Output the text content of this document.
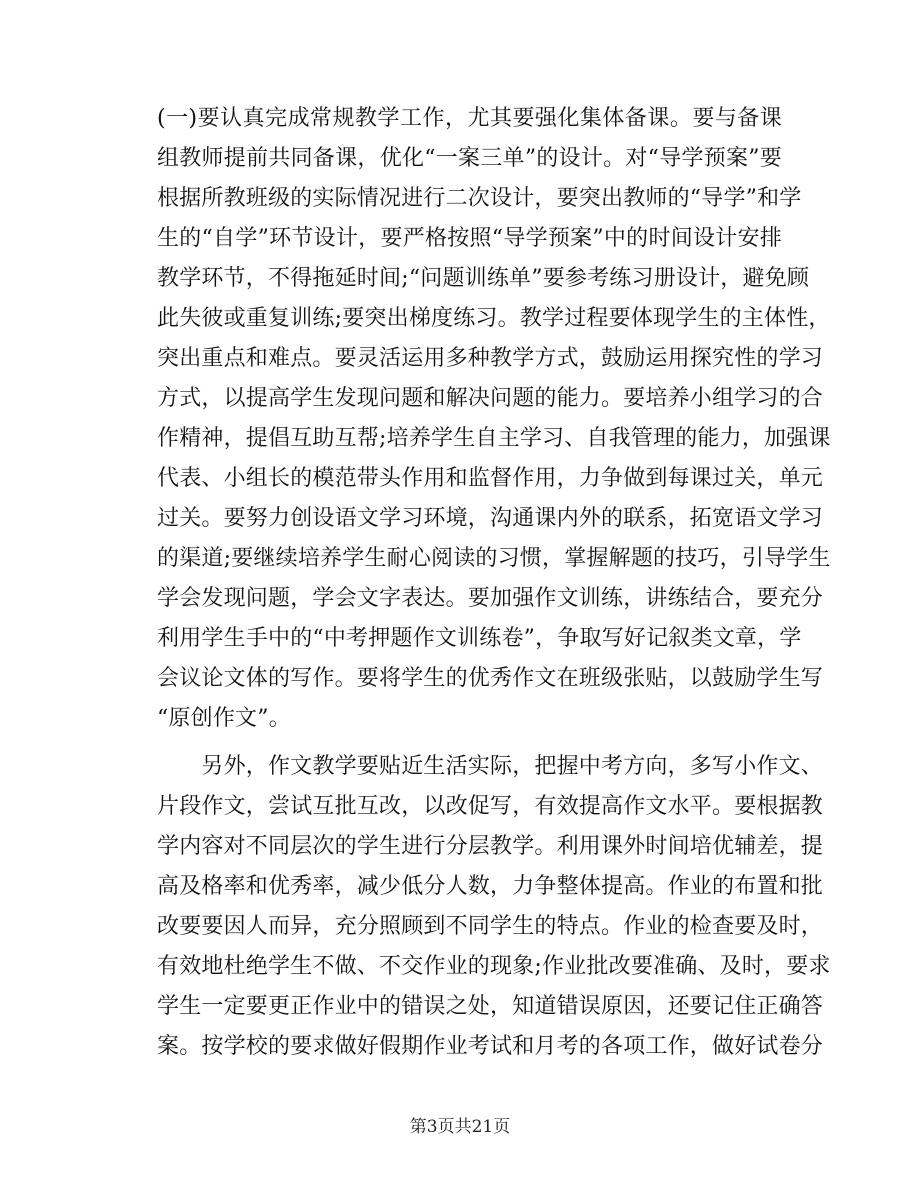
(一)要认真完成常规教学工作，尤其要强化集体备课。要与备课
组教师提前共同备课，优化“一案三单”的设计。对“导学预案”要
根据所教班级的实际情况进行二次设计，要突出教师的“导学”和学
生的“自学”环节设计，要严格按照“导学预案”中的时间设计安排
教学环节，不得拖延时间;“问题训练单”要参考练习册设计，避免顾
此失彼或重复训练;要突出梯度练习。教学过程要体现学生的主体性，
突出重点和难点。要灵活运用多种教学方式，鼓励运用探究性的学习
方式，以提高学生发现问题和解决问题的能力。要培养小组学习的合
作精神，提倡互助互帮;培养学生自主学习、自我管理的能力，加强课
代表、小组长的模范带头作用和监督作用，力争做到每课过关，单元
过关。要努力创设语文学习环境，沟通课内外的联系，拓宽语文学习
的渠道;要继续培养学生耐心阅读的习惯，掌握解题的技巧，引导学生
学会发现问题，学会文字表达。要加强作文训练，讲练结合，要充分
利用学生手中的“中考押题作文训练卷”，争取写好记叙类文章，学
会议论文体的写作。要将学生的优秀作文在班级张贴，以鼓励学生写
“原创作文”。
　　另外，作文教学要贴近生活实际，把握中考方向，多写小作文、
片段作文，尝试互批互改，以改促写，有效提高作文水平。要根据教
学内容对不同层次的学生进行分层教学。利用课外时间培优辅差，提
高及格率和优秀率，减少低分人数，力争整体提高。作业的布置和批
改要要因人而异，充分照顾到不同学生的特点。作业的检查要及时，
有效地杜绝学生不做、不交作业的现象;作业批改要准确、及时，要求
学生一定要更正作业中的错误之处，知道错误原因，还要记住正确答
案。按学校的要求做好假期作业考试和月考的各项工作，做好试卷分
第3页共21页
